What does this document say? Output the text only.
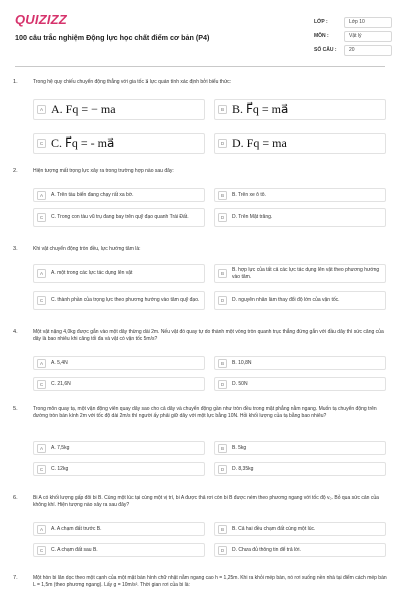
QUIZIZZ
100 câu trắc nghiệm Động lực học chất điểm cơ bản (P4)
LỚP :	Lớp 10
MÔN :	Vật lý
SỐ CÂU :	20
1.	Trong hệ quy chiếu chuyển động thẳng với gia tốc a⃗ lực quán tính xác định bởi biểu thức:
A A. Fq = − ma	B B. F⃗q = ma⃗
C C. F⃗q = - ma⃗	D D. Fq = ma
2.	Hiện tượng mất trọng lực xảy ra trong trường hợp nào sau đây:
A	A. Trên tàu biển đang chạy rất xa bờ.	B	B. Trên xe ô tô.
C	C. Trong con tàu vũ trụ đang bay trên quỹ đạo quanh Trái Đất.	D	D. Trên Mặt trăng.
3.	Khi vật chuyển động tròn đều, lực hướng tâm là:
A	A. một trong các lực tác dụng lên vật	B
B. hợp lực của tất cả các lực tác dụng lên vật theo phương hướng vào tâm.
C	C. thành phần của trọng lực theo phương hướng vào tâm quỹ đạo.	D	D. nguyên nhân làm thay đổi độ lớn của vận tốc.
4.	Một vật nặng 4,0kg được gắn vào một dây thừng dài 2m. Nếu vật đó quay tự do thành một vòng tròn quanh trục thẳng đứng gắn với đầu dây thì sức căng của dây là bao nhiêu khi căng tối đa và vật có vận tốc 5m/s?
A	A. 5,4N	B	B. 10,8N
C	C. 21,6N	D	D. 50N
5.	Trong môn quay tạ, một vận động viên quay dây sao cho cả dây và chuyển động gần như tròn đều trong mặt phẳng nằm ngang. Muốn tạ chuyển động trên đường tròn bán kính 2m với tốc độ dài 2m/s thì người ấy phải giữ dây với một lực bằng 10N. Hỏi khối lượng của tạ bằng bao nhiêu?
A	A. 7,5kg	B	B. 5kg
C	C. 12kg	D	D. 8,35kg
6.	Bi A có khối lượng gấp đôi bi B. Cùng một lúc tại cùng một vị trí, bi A được thả rơi còn bi B được ném theo phương ngang với tốc độ v₀. Bỏ qua sức cản của không khí. Hiện tượng nào xảy ra sau đây?
A	A. A chạm đất trước B.	B	B. Cả hai đều chạm đất cùng một lúc.
C	C. A chạm đất sau B.	D	D. Chưa đủ thông tin để trả lời.
7.	Một hòn bi lăn dọc theo một cạnh của một mặt bàn hình chữ nhật nằm ngang cao h = 1,25m. Khi ra khỏi mép bàn, nó rơi xuống nền nhà tại điểm cách mép bàn L = 1,5m (theo phương ngang). Lấy g = 10m/s². Thời gian rơi của bi là:
